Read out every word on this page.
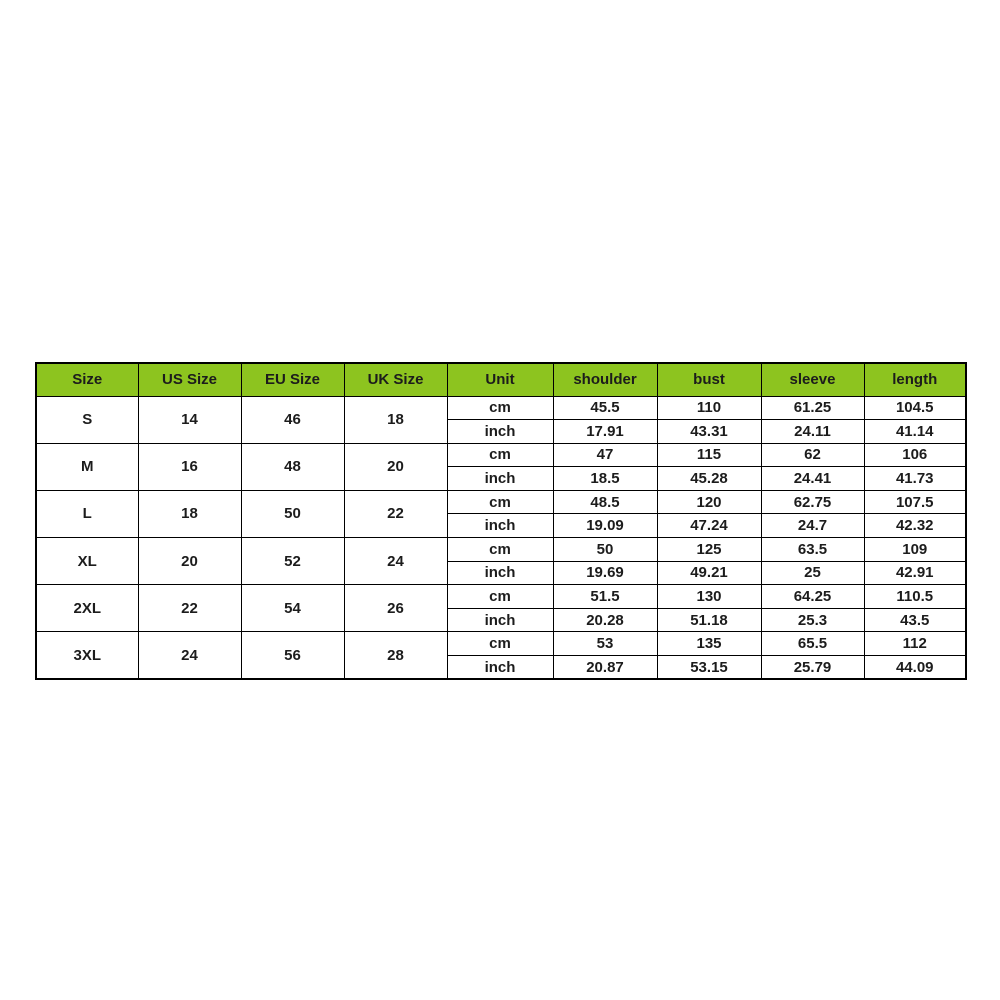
Size	US Size	EU Size	UK Size	Unit	shoulder	bust	sleeve	length
S	14	46	18	cm	45.5	110	61.25	104.5
				inch	17.91	43.31	24.11	41.14
M	16	48	20	cm	47	115	62	106
				inch	18.5	45.28	24.41	41.73
L	18	50	22	cm	48.5	120	62.75	107.5
				inch	19.09	47.24	24.7	42.32
XL	20	52	24	cm	50	125	63.5	109
				inch	19.69	49.21	25	42.91
2XL	22	54	26	cm	51.5	130	64.25	110.5
				inch	20.28	51.18	25.3	43.5
3XL	24	56	28	cm	53	135	65.5	112
				inch	20.87	53.15	25.79	44.09
